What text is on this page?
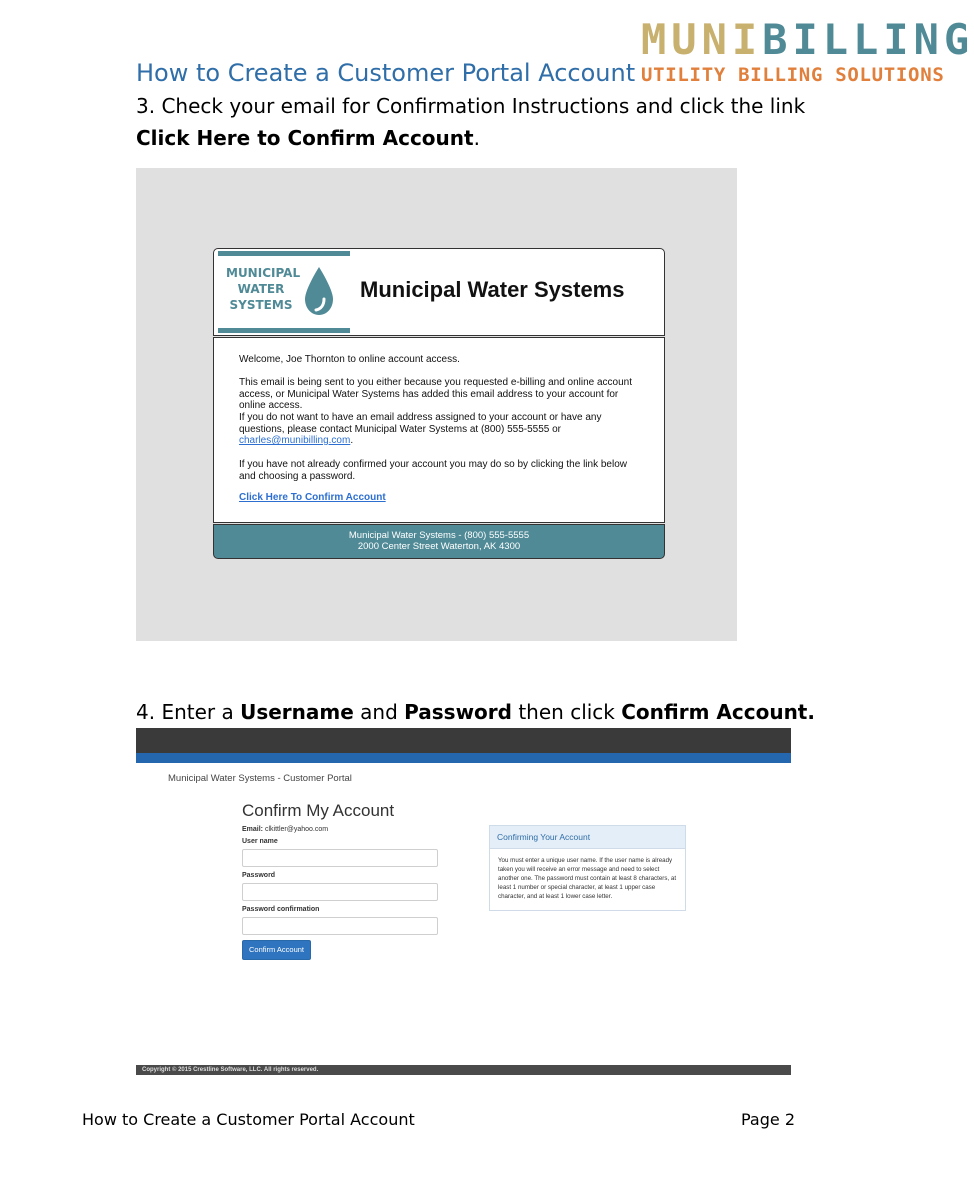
MUNIBILLING
UTILITY BILLING SOLUTIONS
How to Create a Customer Portal Account
3. Check your email for Confirmation Instructions and click the link Click Here to Confirm Account.
MUNICIPAL
WATER
SYSTEMS
Municipal Water Systems

Welcome, Joe Thornton to online account access.

This email is being sent to you either because you requested e-billing and online account access, or Municipal Water Systems has added this email address to your account for online access.

If you do not want to have an email address assigned to your account or have any questions, please contact Municipal Water Systems at (800) 555-5555 or charles@munibilling.com.

If you have not already confirmed your account you may do so by clicking the link below and choosing a password.

Click Here To Confirm Account

Municipal Water Systems - (800) 555-5555
2000 Center Street Waterton, AK 4300
4. Enter a Username and Password then click Confirm Account.
Municipal Water Systems - Customer Portal
Confirm My Account
Email: clkittler@yahoo.com
User name
Password
Password confirmation
Confirm Account
Confirming Your Account
You must enter a unique user name. If the user name is already taken you will receive an error message and need to select another one. The password must contain at least 8 characters, at least 1 number or special character, at least 1 upper case character, and at least 1 lower case letter.
Copyright © 2015 Crestline Software, LLC. All rights reserved.
How to Create a Customer Portal Account	Page 2
